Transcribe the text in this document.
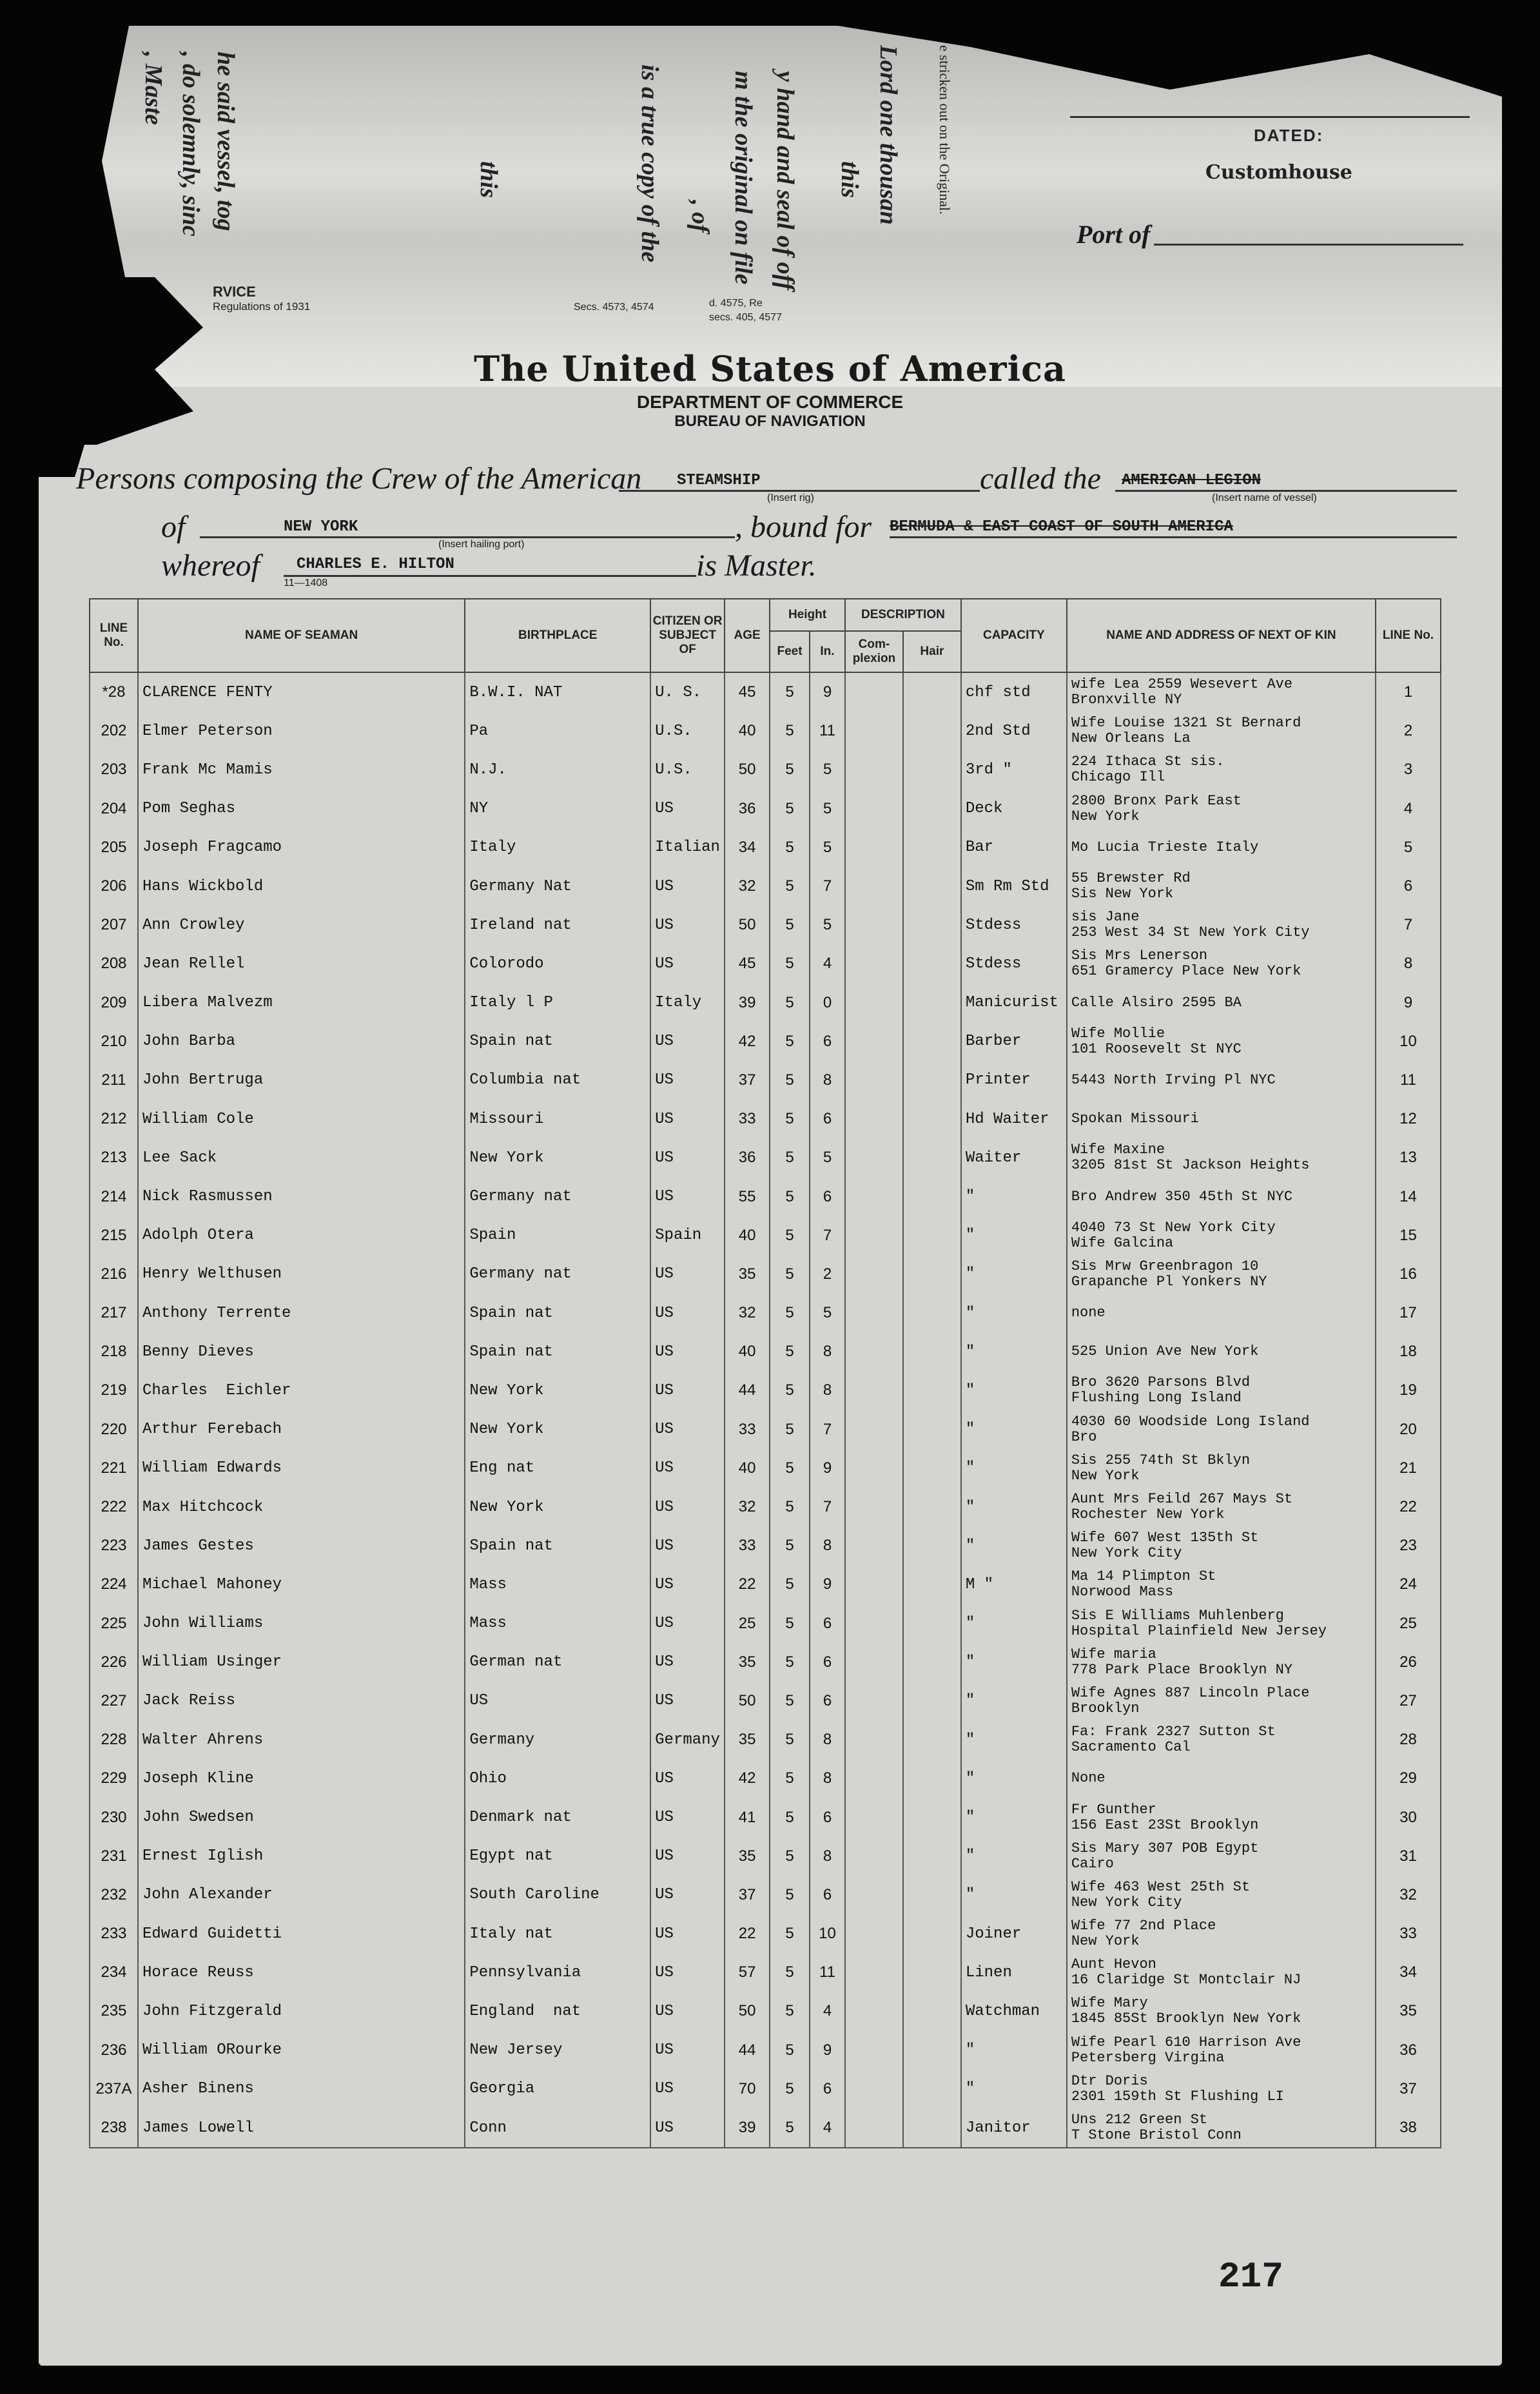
, Maste , do solemnly, sinc he said vessel, tog	this	is a true copy of the , of m the original on file y hand and seal of off this Lord one thousan e stricken out on the Original.
RVICE
Regulations of 1931	Secs. 4573, 4574	d. 4575, Re
secs. 405, 4577
DATED:
Customhouse
Port of
The United States of America
DEPARTMENT OF COMMERCE
BUREAU OF NAVIGATION
Persons composing the Crew of the American STEAMSHIP
(Insert rig)
called the AMERICAN LEGION
(Insert name of vessel)
of	NEW YORK
(Insert hailing port)
, bound for BERMUDA & EAST COAST OF SOUTH AMERICA
whereof CHARLES E. HILTON
11—1408
is Master.
LINE No.	NAME OF SEAMAN	BIRTHPLACE	CITIZEN OR SUBJECT OF	AGE	Height		DESCRIPTION		CAPACITY	NAME AND ADDRESS OF NEXT OF KIN	LINE No.
					Feet	In.	Com- plexion	Hair			
*28	CLARENCE FENTY	B.W.I. NAT	U. S.	45	5	9			chf std	wife Lea 2559 Wesevert Ave
Bronxville NY	1
202	Elmer Peterson	Pa	U.S.	40	5	11			2nd Std	Wife Louise 1321 St Bernard
New Orleans La	2
203	Frank Mc Mamis	N.J.	U.S.	50	5	5			3rd "	224 Ithaca St sis.
Chicago Ill	3
204	Pom Seghas	NY	US	36	5	5			Deck	2800 Bronx Park East
New York	4
205	Joseph Fragcamo	Italy	Italian	34	5	5			Bar	Mo Lucia Trieste Italy	5
206	Hans Wickbold	Germany Nat	US	32	5	7			Sm Rm Std	55 Brewster Rd
Sis New York	6
207	Ann Crowley	Ireland nat	US	50	5	5			Stdess	sis Jane
253 West 34 St New York City	7
208	Jean Rellel	Colorodo	US	45	5	4			Stdess	Sis Mrs Lenerson
651 Gramercy Place New York	8
209	Libera Malvezm	Italy l P	Italy	39	5	0			Manicurist	Calle Alsiro 2595 BA	9
210	John Barba	Spain nat	US	42	5	6			Barber	Wife Mollie
101 Roosevelt St NYC	10
211	John Bertruga	Columbia nat	US	37	5	8			Printer	5443 North Irving Pl NYC	11
212	William Cole	Missouri	US	33	5	6			Hd Waiter	Spokan Missouri	12
213	Lee Sack	New York	US	36	5	5			Waiter	Wife Maxine
3205 81st St Jackson Heights	13
214	Nick Rasmussen	Germany nat	US	55	5	6			"	Bro Andrew 350 45th St NYC	14
215	Adolph Otera	Spain	Spain	40	5	7			"	4040 73 St New York City
Wife Galcina	15
216	Henry Welthusen	Germany nat	US	35	5	2			"	Sis Mrw Greenbragon 10
Grapanche Pl Yonkers NY	16
217	Anthony Terrente	Spain nat	US	32	5	5			"	none	17
218	Benny Dieves	Spain nat	US	40	5	8			"	525 Union Ave New York	18
219	Charles  Eichler	New York	US	44	5	8			"	Bro 3620 Parsons Blvd
Flushing Long Island	19
220	Arthur Ferebach	New York	US	33	5	7			"	4030 60 Woodside Long Island
Bro	20
221	William Edwards	Eng nat	US	40	5	9			"	Sis 255 74th St Bklyn
New York	21
222	Max Hitchcock	New York	US	32	5	7			"	Aunt Mrs Feild 267 Mays St
Rochester New York	22
223	James Gestes	Spain nat	US	33	5	8			"	Wife 607 West 135th St
New York City	23
224	Michael Mahoney	Mass	US	22	5	9			M "	Ma 14 Plimpton St
Norwood Mass	24
225	John Williams	Mass	US	25	5	6			"	Sis E Williams Muhlenberg
Hospital Plainfield New Jersey	25
226	William Usinger	German nat	US	35	5	6			"	Wife maria
778 Park Place Brooklyn NY	26
227	Jack Reiss	US	US	50	5	6			"	Wife Agnes 887 Lincoln Place
Brooklyn	27
228	Walter Ahrens	Germany	Germany	35	5	8			"	Fa: Frank 2327 Sutton St
Sacramento Cal	28
229	Joseph Kline	Ohio	US	42	5	8			"	None	29
230	John Swedsen	Denmark nat	US	41	5	6			"	Fr Gunther
156 East 23St Brooklyn	30
231	Ernest Iglish	Egypt nat	US	35	5	8			"	Sis Mary 307 POB Egypt
Cairo	31
232	John Alexander	South Caroline	US	37	5	6			"	Wife 463 West 25th St
New York City	32
233	Edward Guidetti	Italy nat	US	22	5	10			Joiner	Wife 77 2nd Place
New York	33
234	Horace Reuss	Pennsylvania	US	57	5	11			Linen	Aunt Hevon
16 Claridge St Montclair NJ	34
235	John Fitzgerald	England  nat	US	50	5	4			Watchman	Wife Mary
1845 85St Brooklyn New York	35
236	William ORourke	New Jersey	US	44	5	9			"	Wife Pearl 610 Harrison Ave
Petersberg Virgina	36
237A	Asher Binens	Georgia	US	70	5	6			"	Dtr Doris
2301 159th St Flushing LI	37
238	James Lowell	Conn	US	39	5	4			Janitor	Uns 212 Green St
T Stone Bristol Conn	38
217
